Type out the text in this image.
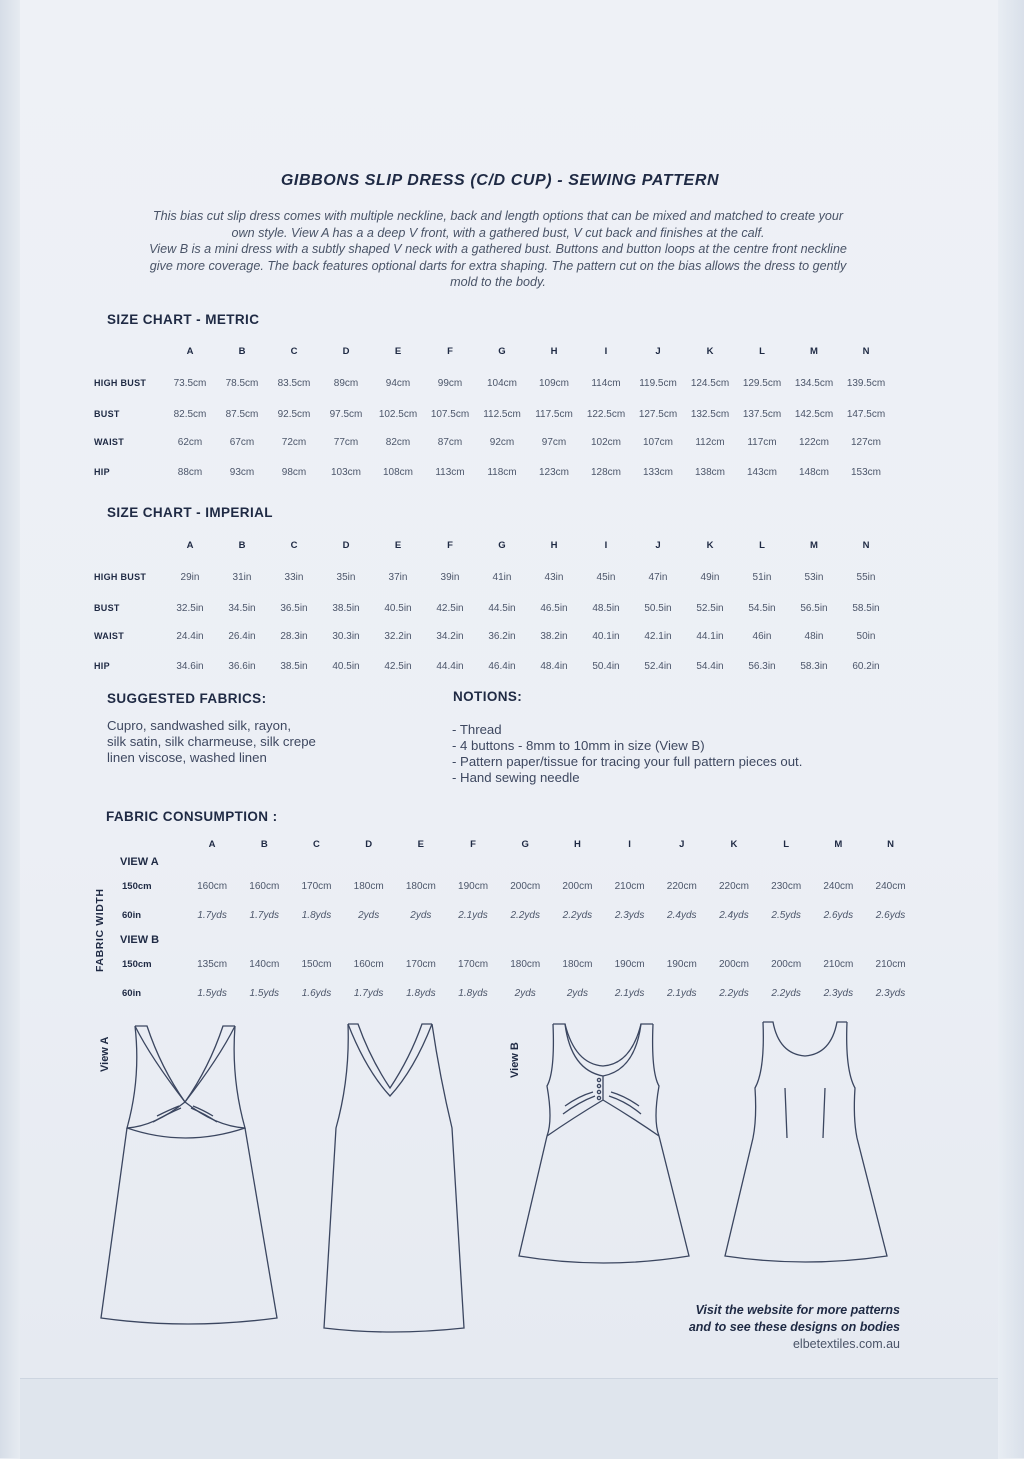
GIBBONS SLIP DRESS (C/D CUP) - SEWING PATTERN

This bias cut slip dress comes with multiple neckline, back and length options that can be mixed and matched to create your

own style. View A has a a deep V front, with a gathered bust, V cut back and finishes at the calf.

View B is a mini dress with a subtly shaped V neck with a gathered bust. Buttons and button loops at the centre front neckline

give more coverage. The back features optional darts for extra shaping. The pattern cut on the bias allows the dress to gently

mold to the body.

SIZE CHART - METRIC
	A	B	C	D	E	F	G	H	I	J	K	L	M	N
HIGH BUST	73.5cm	78.5cm	83.5cm	89cm	94cm	99cm	104cm	109cm	114cm	119.5cm	124.5cm	129.5cm	134.5cm	139.5cm
BUST	82.5cm	87.5cm	92.5cm	97.5cm	102.5cm	107.5cm	112.5cm	117.5cm	122.5cm	127.5cm	132.5cm	137.5cm	142.5cm	147.5cm
WAIST	62cm	67cm	72cm	77cm	82cm	87cm	92cm	97cm	102cm	107cm	112cm	117cm	122cm	127cm
HIP	88cm	93cm	98cm	103cm	108cm	113cm	118cm	123cm	128cm	133cm	138cm	143cm	148cm	153cm
SIZE CHART - IMPERIAL
	A	B	C	D	E	F	G	H	I	J	K	L	M	N
HIGH BUST	29in	31in	33in	35in	37in	39in	41in	43in	45in	47in	49in	51in	53in	55in
BUST	32.5in	34.5in	36.5in	38.5in	40.5in	42.5in	44.5in	46.5in	48.5in	50.5in	52.5in	54.5in	56.5in	58.5in
WAIST	24.4in	26.4in	28.3in	30.3in	32.2in	34.2in	36.2in	38.2in	40.1in	42.1in	44.1in	46in	48in	50in
HIP	34.6in	36.6in	38.5in	40.5in	42.5in	44.4in	46.4in	48.4in	50.4in	52.4in	54.4in	56.3in	58.3in	60.2in
SUGGESTED FABRICS:
Cupro, sandwashed silk, rayon,
silk satin, silk charmeuse, silk crepe
linen viscose, washed linen
NOTIONS:
- Thread
- 4 buttons - 8mm to 10mm in size (View B)
- Pattern paper/tissue for tracing your full pattern pieces out.
- Hand sewing needle
FABRIC CONSUMPTION :
FABRIC WIDTH
	A	B	C	D	E	F	G	H	I	J	K	L	M	N
VIEW A														
150cm	160cm	160cm	170cm	180cm	180cm	190cm	200cm	200cm	210cm	220cm	220cm	230cm	240cm	240cm
60in	1.7yds	1.7yds	1.8yds	2yds	2yds	2.1yds	2.2yds	2.2yds	2.3yds	2.4yds	2.4yds	2.5yds	2.6yds	2.6yds
VIEW B														
150cm	135cm	140cm	150cm	160cm	170cm	170cm	180cm	180cm	190cm	190cm	200cm	200cm	210cm	210cm
60in	1.5yds	1.5yds	1.6yds	1.7yds	1.8yds	1.8yds	2yds	2yds	2.1yds	2.1yds	2.2yds	2.2yds	2.3yds	2.3yds
View A	View B
Visit the website for more patterns
and to see these designs on bodies
elbetextiles.com.au
